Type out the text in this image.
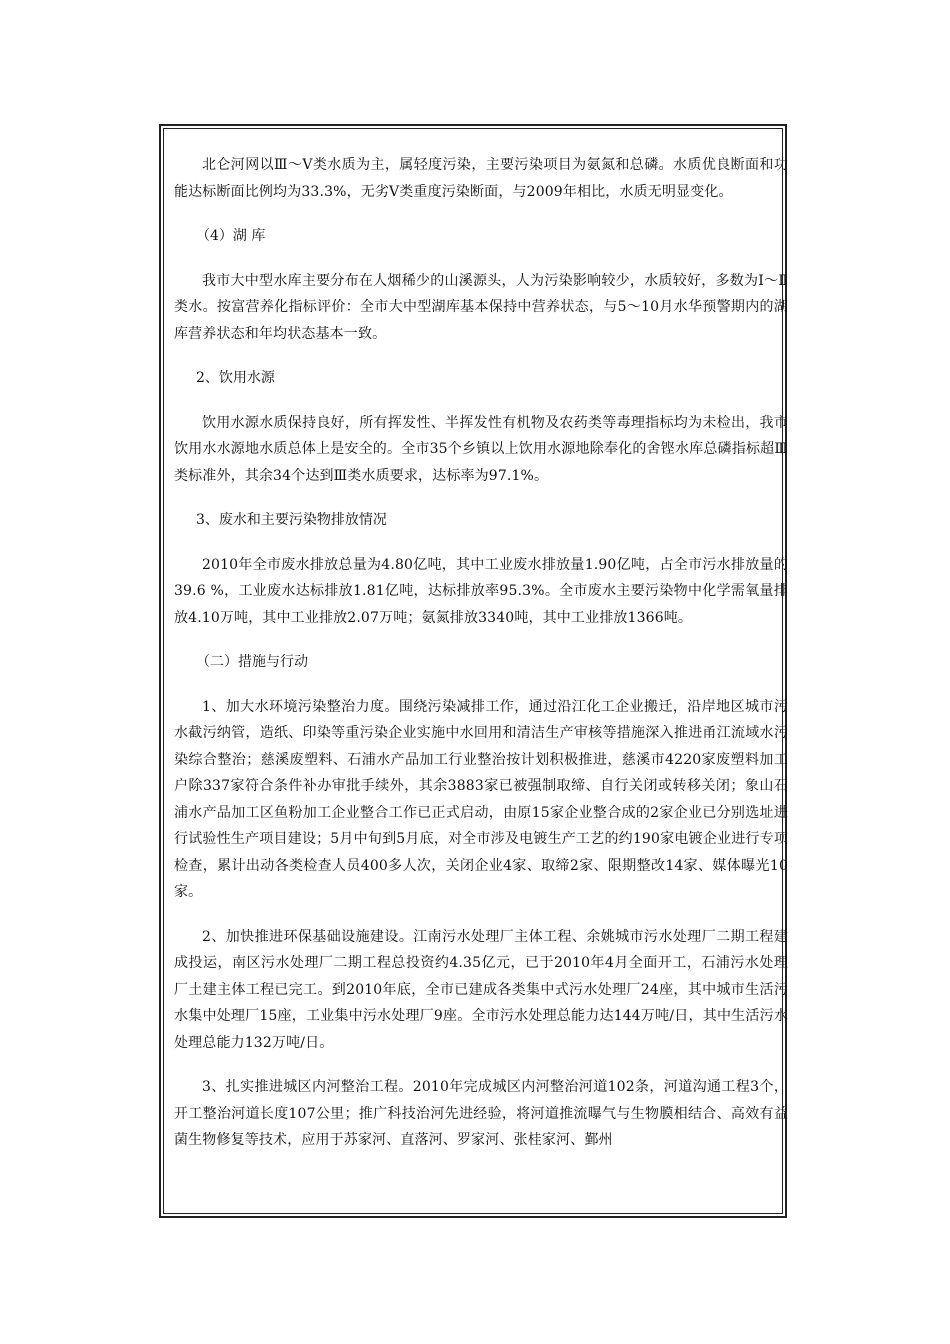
北仑河网以Ⅲ～Ⅴ类水质为主，属轻度污染，主要污染项目为氨氮和总磷。水质优良断面和功能达标断面比例均为33.3%，无劣Ⅴ类重度污染断面，与2009年相比，水质无明显变化。

（4）湖 库

我市大中型水库主要分布在人烟稀少的山溪源头，人为污染影响较少，水质较好，多数为Ⅰ～Ⅱ类水。按富营养化指标评价：全市大中型湖库基本保持中营养状态，与5～10月水华预警期内的湖库营养状态和年均状态基本一致。

2、饮用水源

饮用水源水质保持良好，所有挥发性、半挥发性有机物及农药类等毒理指标均为未检出，我市饮用水水源地水质总体上是安全的。全市35个乡镇以上饮用水源地除奉化的舍铿水库总磷指标超Ⅲ类标准外，其余34个达到Ⅲ类水质要求，达标率为97.1%。

3、废水和主要污染物排放情况

2010年全市废水排放总量为4.80亿吨，其中工业废水排放量1.90亿吨，占全市污水排放量的39.6 %，工业废水达标排放1.81亿吨，达标排放率95.3%。全市废水主要污染物中化学需氧量排放4.10万吨，其中工业排放2.07万吨；氨氮排放3340吨，其中工业排放1366吨。

（二）措施与行动

1、加大水环境污染整治力度。围绕污染减排工作，通过沿江化工企业搬迁，沿岸地区城市污水截污纳管，造纸、印染等重污染企业实施中水回用和清洁生产审核等措施深入推进甬江流域水污染综合整治；慈溪废塑料、石浦水产品加工行业整治按计划积极推进，慈溪市4220家废塑料加工户除337家符合条件补办审批手续外，其余3883家已被强制取缔、自行关闭或转移关闭；象山石浦水产品加工区鱼粉加工企业整合工作已正式启动，由原15家企业整合成的2家企业已分别选址进行试验性生产项目建设；5月中旬到5月底，对全市涉及电镀生产工艺的约190家电镀企业进行专项检查，累计出动各类检查人员400多人次，关闭企业4家、取缔2家、限期整改14家、媒体曝光10家。

2、加快推进环保基础设施建设。江南污水处理厂主体工程、余姚城市污水处理厂二期工程建成投运，南区污水处理厂二期工程总投资约4.35亿元，已于2010年4月全面开工，石浦污水处理厂土建主体工程已完工。到2010年底，全市已建成各类集中式污水处理厂24座，其中城市生活污水集中处理厂15座，工业集中污水处理厂9座。全市污水处理总能力达144万吨/日，其中生活污水处理总能力132万吨/日。

3、扎实推进城区内河整治工程。2010年完成城区内河整治河道102条，河道沟通工程3个，开工整治河道长度107公里；推广科技治河先进经验，将河道推流曝气与生物膜相结合、高效有益菌生物修复等技术，应用于苏家河、直落河、罗家河、张桂家河、鄞州
